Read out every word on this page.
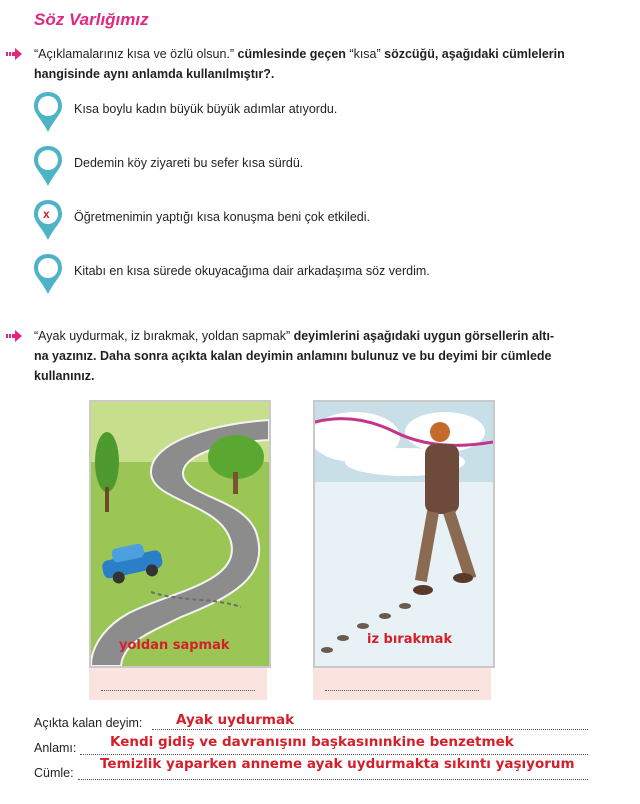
Söz Varlığımız
“Açıklamalarınız kısa ve özlü olsun.” cümlesinde geçen “kısa” sözcüğü, aşağıdaki cümlelerin
hangisinde aynı anlamda kullanılmıştır?.
Kısa boylu kadın büyük büyük adımlar atıyordu.
Dedemin köy ziyareti bu sefer kısa sürdü.
x Öğretmenimin yaptığı kısa konuşma beni çok etkiledi.
Kitabı en kısa sürede okuyacağıma dair arkadaşıma söz verdim.
“Ayak uydurmak, iz bırakmak, yoldan sapmak” deyimlerini aşağıdaki uygun görsellerin altı-
na yazınız. Daha sonra açıkta kalan deyimin anlamını bulunuz ve bu deyimi bir cümlede
kullanınız.
yoldan sapmak	iz bırakmak
Açıkta kalan deyim: Ayak uydurmak
Anlamı: Kendi gidiş ve davranışını başkasınınkine benzetmek
Cümle:
Temizlik yaparken anneme ayak uydurmakta sıkıntı yaşıyorum
